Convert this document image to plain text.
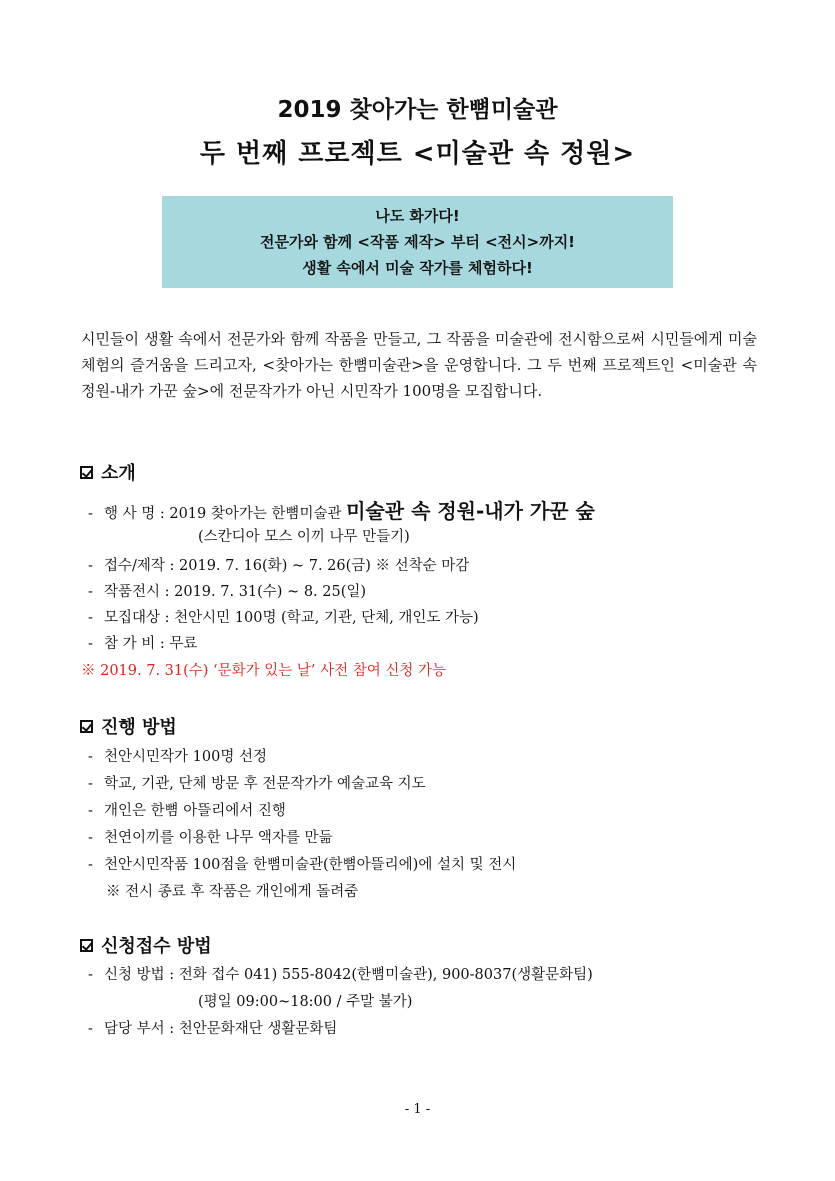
2019 찾아가는 한뼘미술관
두 번째 프로젝트 <미술관 속 정원>
나도 화가다!
전문가와 함께 <작품 제작> 부터 <전시>까지!
생활 속에서 미술 작가를 체험하다!
시민들이 생활 속에서 전문가와 함께 작품을 만들고, 그 작품을 미술관에 전시함으로써 시민들에게 미술체험의 즐거움을 드리고자, <찾아가는 한뼘미술관>을 운영합니다. 그 두 번째 프로젝트인 <미술관 속 정원-내가 가꾼 숲>에 전문작가가 아닌 시민작가 100명을 모집합니다.
소개
- 행 사 명 : 2019 찾아가는 한뼘미술관 미술관 속 정원-내가 가꾼 숲
(스칸디아 모스 이끼 나무 만들기)
- 접수/제작 : 2019. 7. 16(화) ~ 7. 26(금) ※ 선착순 마감
- 작품전시 : 2019. 7. 31(수) ~ 8. 25(일)
- 모집대상 : 천안시민 100명 (학교, 기관, 단체, 개인도 가능)
- 참 가 비 : 무료
※ 2019. 7. 31(수) ‘문화가 있는 날’ 사전 참여 신청 가능
진행 방법
- 천안시민작가 100명 선정
- 학교, 기관, 단체 방문 후 전문작가가 예술교육 지도
- 개인은 한뼘 아뜰리에서 진행
- 천연이끼를 이용한 나무 액자를 만듦
- 천안시민작품 100점을 한뼘미술관(한뼘아뜰리에)에 설치 및 전시
※ 전시 종료 후 작품은 개인에게 돌려줌
신청접수 방법
- 신청 방법 : 전화 접수 041) 555-8042(한뼘미술관), 900-8037(생활문화팀)
(평일 09:00~18:00 / 주말 불가)
- 담당 부서 : 천안문화재단 생활문화팀
- 1 -
